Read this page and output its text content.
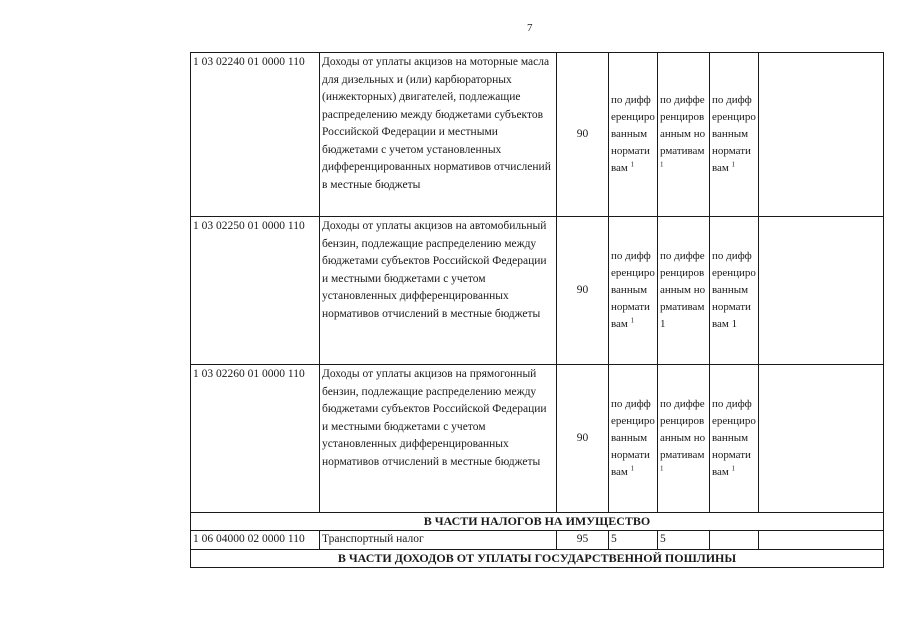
7
1 03 02240 01 0000 110	Доходы от уплаты акцизов на моторные масла для дизельных и (или) карбюраторных (инжекторных) двигателей, подлежащие распределению между бюджетами субъектов Российской Федерации и местными бюджетами с учетом установленных дифференцированных нормативов отчислений в местные бюджеты	90	по дифференцированным нормативам $^1$	по дифференцированным нормативам $^1$	по дифференцированным нормативам $^1$	
1 03 02250 01 0000 110	Доходы от уплаты акцизов на автомобильный бензин, подлежащие распределению между бюджетами субъектов Российской Федерации и местными бюджетами с учетом установленных дифференцированных нормативов отчислений в местные бюджеты	90	по дифференцированным нормативам $^1$	по дифференцированным нормативам 1	по дифференцированным нормативам 1	
1 03 02260 01 0000 110	Доходы от уплаты акцизов на прямогонный бензин, подлежащие распределению между бюджетами субъектов Российской Федерации и местными бюджетами с учетом установленных дифференцированных нормативов отчислений в местные бюджеты	90	по дифференцированным нормативам $^1$	по дифференцированным нормативам $^1$	по дифференцированным нормативам $^1$	
В ЧАСТИ НАЛОГОВ НА ИМУЩЕСТВО						
1 06 04000 02 0000 110	Транспортный налог	95	5	5		
В ЧАСТИ ДОХОДОВ ОТ УПЛАТЫ ГОСУДАРСТВЕННОЙ ПОШЛИНЫ						
